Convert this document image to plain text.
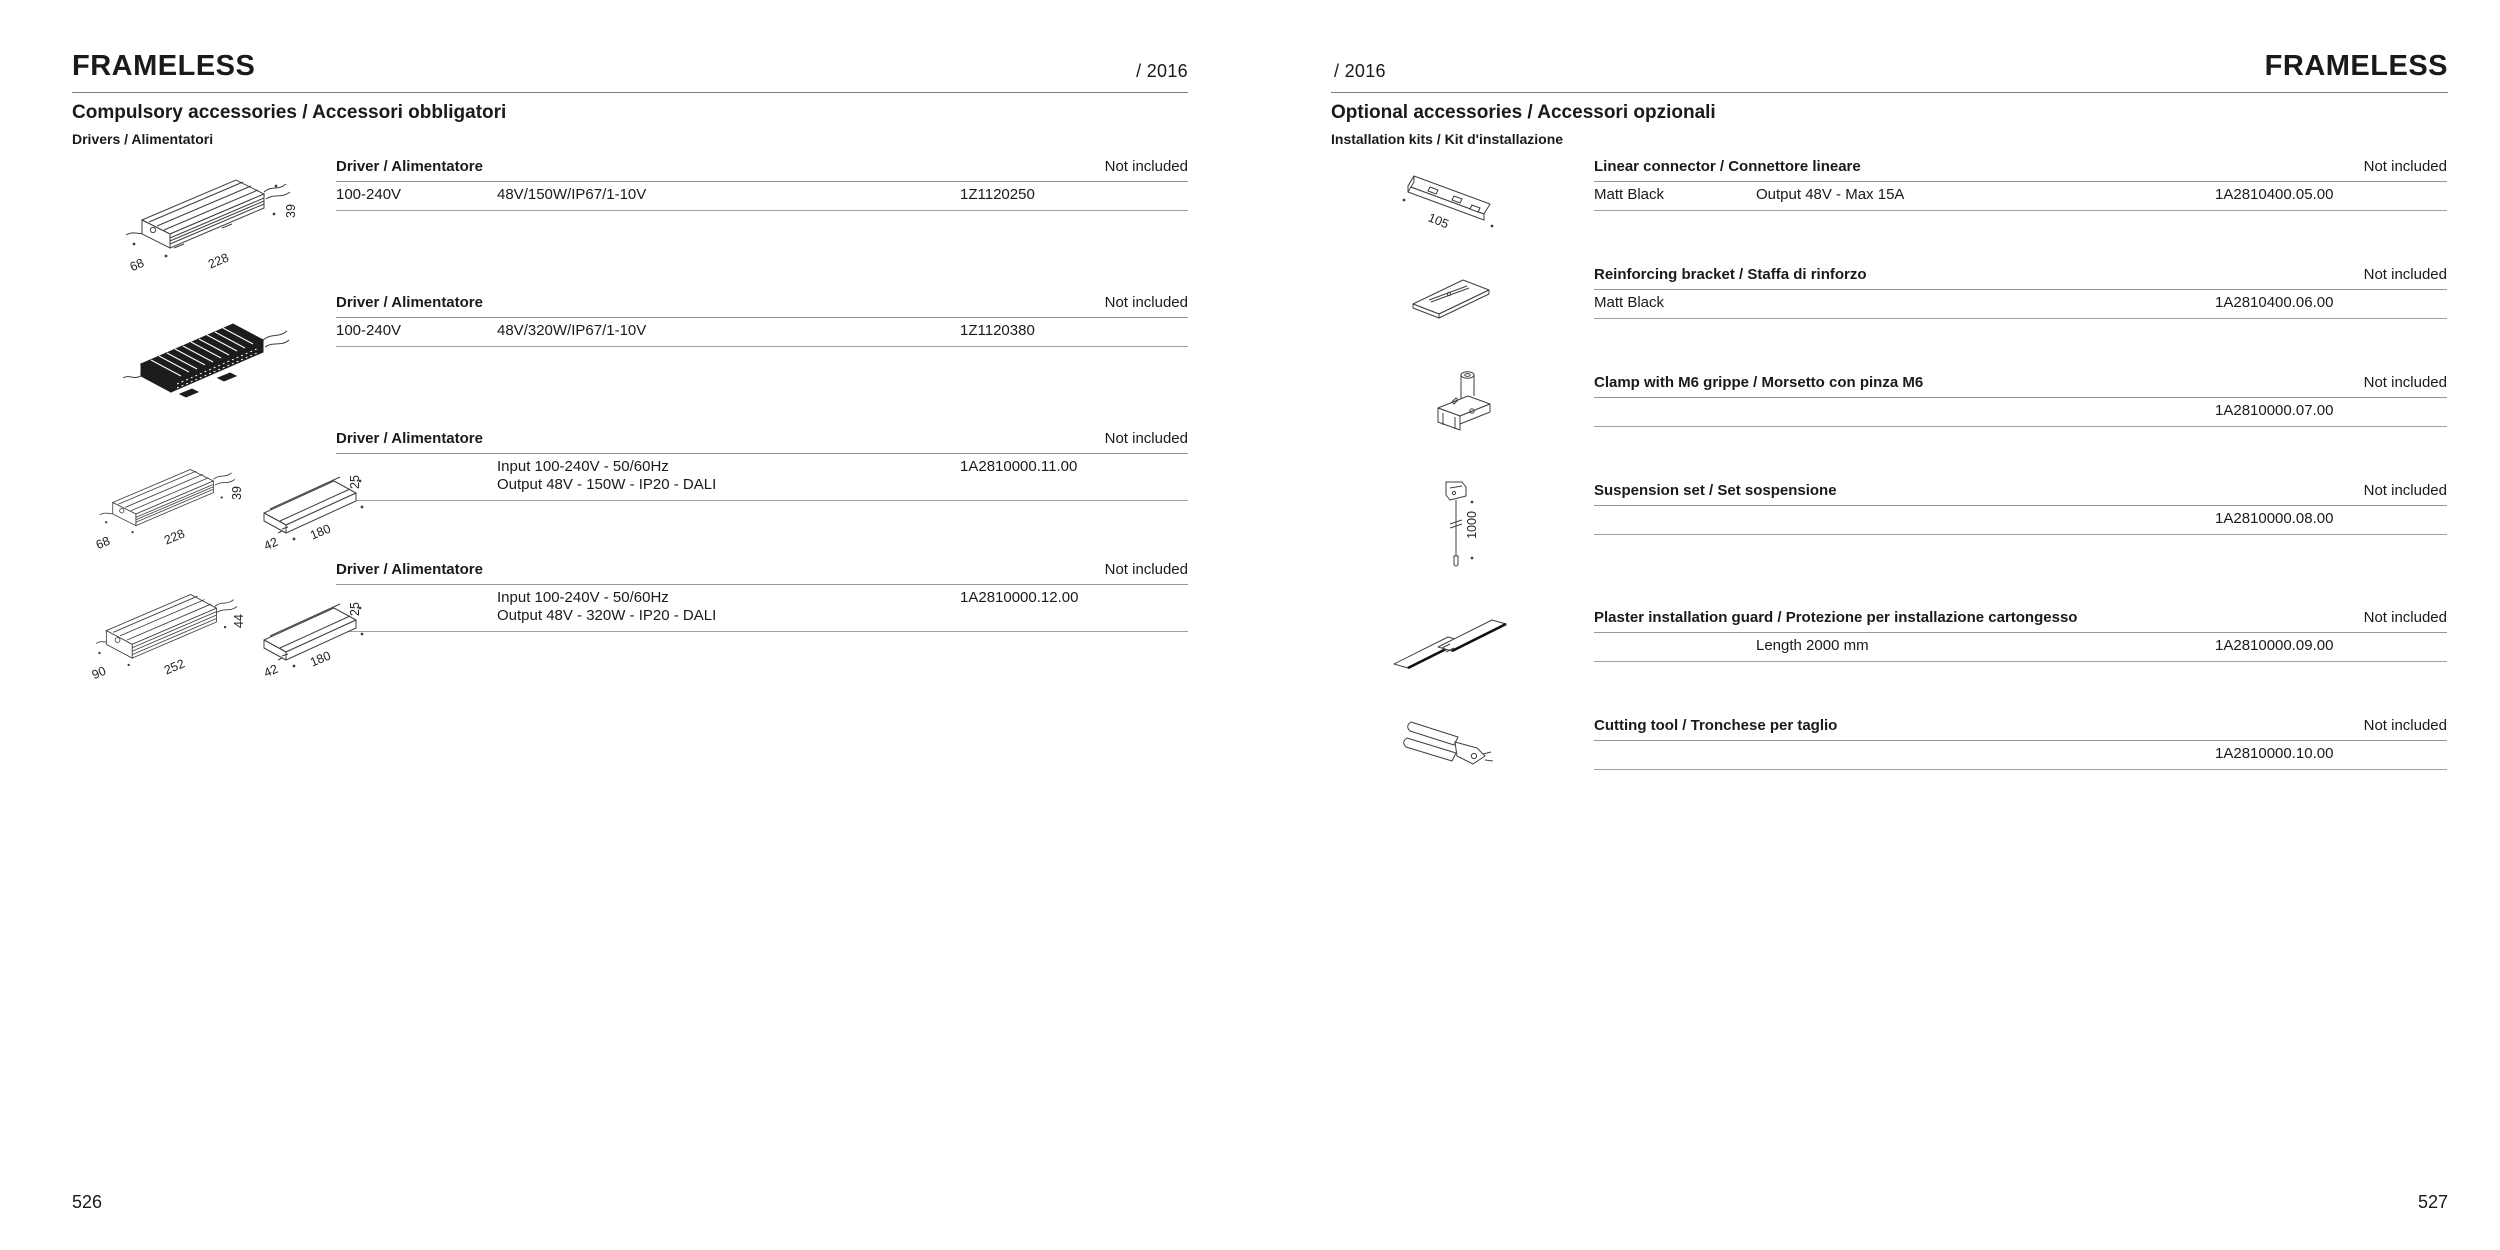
FRAMELESS	/ 2016
Compulsory accessories / Accessori obbligatori
Drivers / Alimentatori
Driver / Alimentatore	Not included
100-240V	48V/150W/IP67/1-10V	1Z1120250
Driver / Alimentatore	Not included
100-240V	48V/320W/IP67/1-10V	1Z1120380
Driver / Alimentatore	Not included
Input 100-240V - 50/60Hz
Output 48V - 150W - IP20 - DALI
1A2810000.11.00
Driver / Alimentatore	Not included
Input 100-240V - 50/60Hz
Output 48V - 320W - IP20 - DALI
1A2810000.12.00
228
68
39
228
68
39
180
42
25
252
90
44
180
42
25
526
/ 2016	FRAMELESS
Optional accessories / Accessori opzionali
Installation kits / Kit d'installazione
Linear connector / Connettore lineare	Not included
Matt Black	Output 48V - Max 15A	1A2810400.05.00
Reinforcing bracket / Staffa di rinforzo	Not included
Matt Black	1A2810400.06.00
Clamp with M6 grippe / Morsetto con pinza M6	Not included
1A2810000.07.00
Suspension set / Set sospensione	Not included
1A2810000.08.00
Plaster installation guard / Protezione per installazione cartongesso	Not included
Length 2000 mm	1A2810000.09.00
Cutting tool / Tronchese per taglio	Not included
1A2810000.10.00
105
1000
527
